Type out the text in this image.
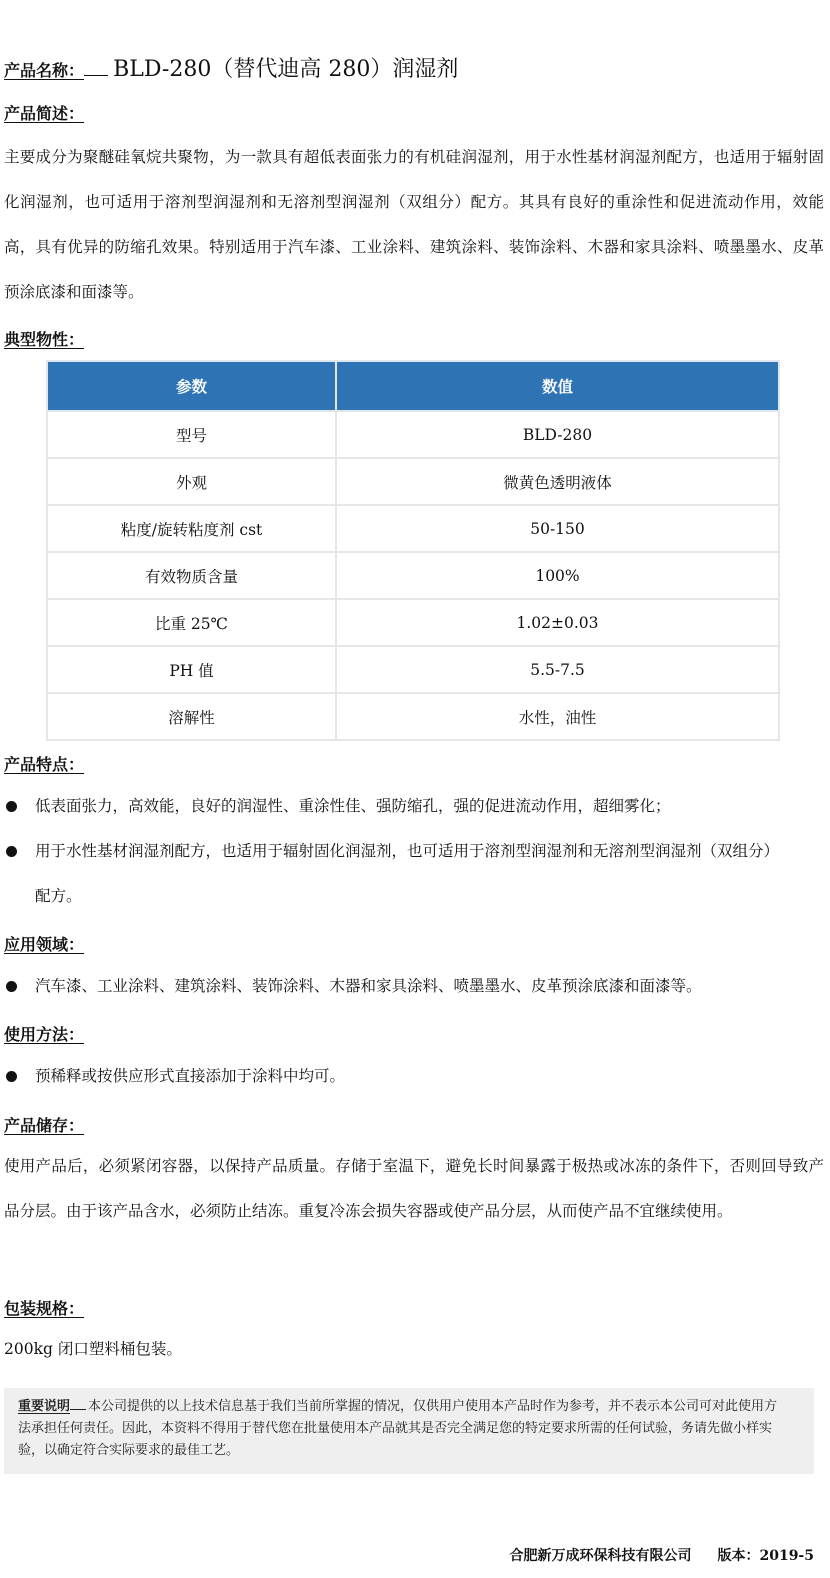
产品名称： BLD-280（替代迪高 280）润湿剂
产品简述：
主要成分为聚醚硅氧烷共聚物，为一款具有超低表面张力的有机硅润湿剂，用于水性基材润湿剂配方，也适用于辐射固化润湿剂，也可适用于溶剂型润湿剂和无溶剂型润湿剂（双组分）配方。其具有良好的重涂性和促进流动作用，效能高，具有优异的防缩孔效果。特别适用于汽车漆、工业涂料、建筑涂料、装饰涂料、木器和家具涂料、喷墨墨水、皮革预涂底漆和面漆等。
典型物性：
参数	数值
型号	BLD-280
外观	微黄色透明液体
粘度/旋转粘度剂 cst	50-150
有效物质含量	100%
比重 25℃	1.02±0.03
PH 值	5.5-7.5
溶解性	水性，油性
产品特点：
低表面张力，高效能，良好的润湿性、重涂性佳、强防缩孔，强的促进流动作用，超细雾化；
用于水性基材润湿剂配方，也适用于辐射固化润湿剂，也可适用于溶剂型润湿剂和无溶剂型润湿剂（双组分）配方。
应用领域：
汽车漆、工业涂料、建筑涂料、装饰涂料、木器和家具涂料、喷墨墨水、皮革预涂底漆和面漆等。
使用方法：
预稀释或按供应形式直接添加于涂料中均可。
产品储存：
使用产品后，必须紧闭容器，以保持产品质量。存储于室温下，避免长时间暴露于极热或冰冻的条件下，否则回导致产品分层。由于该产品含水，必须防止结冻。重复冷冻会损失容器或使产品分层，从而使产品不宜继续使用。
包装规格：
200kg 闭口塑料桶包装。

重要说明 本公司提供的以上技术信息基于我们当前所掌握的情况，仅供用户使用本产品时作为参考，并不表示本公司可对此使用方法承担任何责任。因此，本资料不得用于替代您在批量使用本产品就其是否完全满足您的特定要求所需的任何试验，务请先做小样实验，以确定符合实际要求的最佳工艺。

合肥新万成环保科技有限公司 版本：2019-5
